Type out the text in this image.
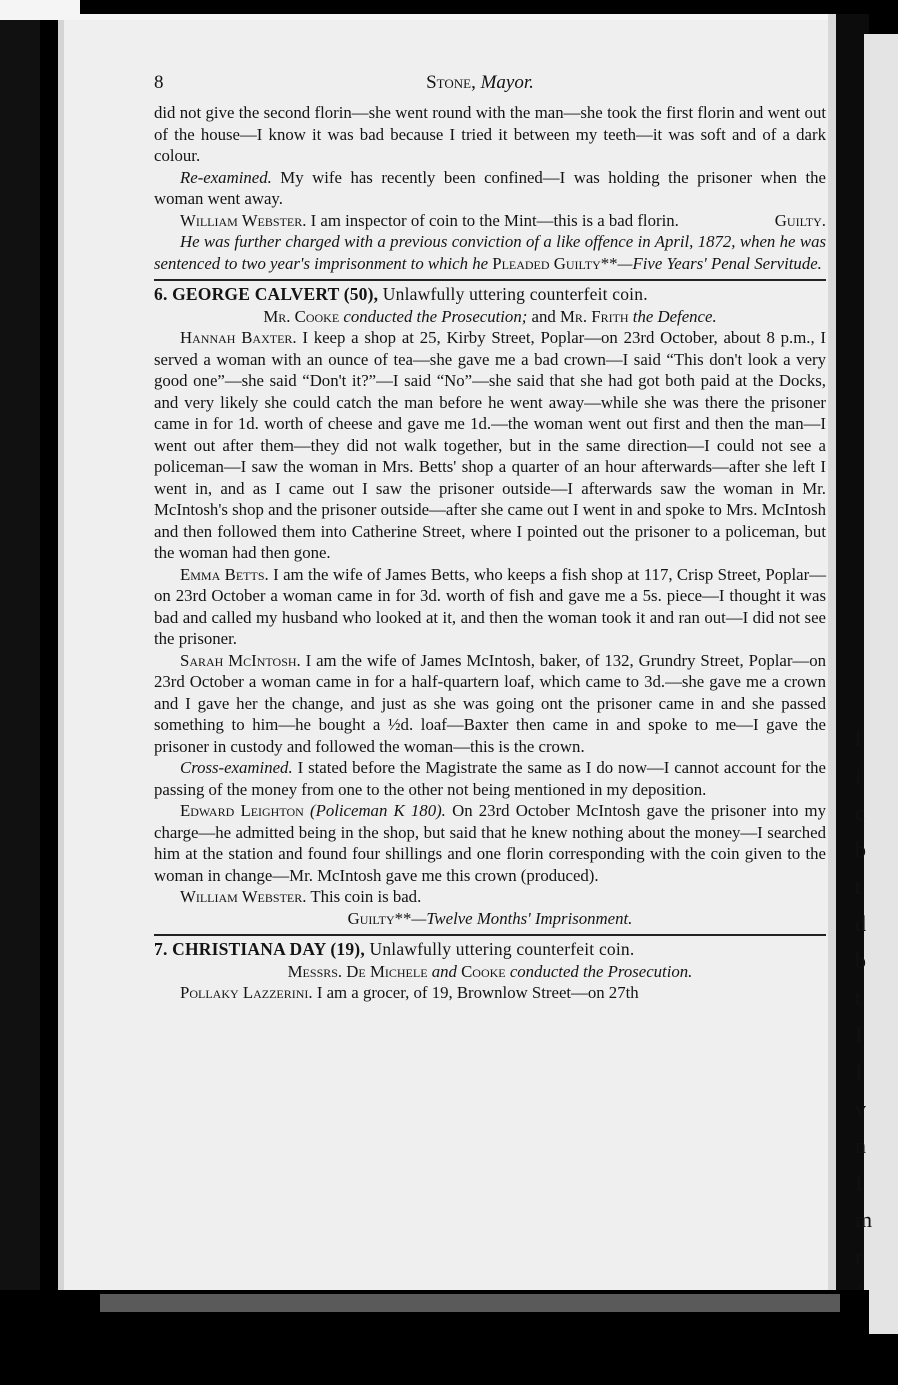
l
i
c
b
t
d
b
t
I
I
v
n
I
m
r
8	Stone, Mayor.

did not give the second florin—she went round with the man—she took the first florin and went out of the house—I know it was bad because I tried it between my teeth—it was soft and of a dark colour.

Re-examined. My wife has recently been confined—I was holding the prisoner when the woman went away.

William Webster. I am inspector of coin to the Mint—this is a bad florin.	Guilty.

He was further charged with a previous conviction of a like offence in April, 1872, when he was sentenced to two year's imprisonment to which he Pleaded Guilty**—Five Years' Penal Servitude.

6. GEORGE CALVERT (50), Unlawfully uttering counterfeit coin.

Mr. Cooke conducted the Prosecution; and Mr. Frith the Defence.

Hannah Baxter. I keep a shop at 25, Kirby Street, Poplar—on 23rd October, about 8 p.m., I served a woman with an ounce of tea—she gave me a bad crown—I said “This don't look a very good one”—she said “Don't it?”—I said “No”—she said that she had got both paid at the Docks, and very likely she could catch the man before he went away—while she was there the prisoner came in for 1d. worth of cheese and gave me 1d.—the woman went out first and then the man—I went out after them—they did not walk together, but in the same direction—I could not see a policeman—I saw the woman in Mrs. Betts' shop a quarter of an hour afterwards—after she left I went in, and as I came out I saw the prisoner outside—I afterwards saw the woman in Mr. McIntosh's shop and the prisoner outside—after she came out I went in and spoke to Mrs. McIntosh and then followed them into Catherine Street, where I pointed out the prisoner to a policeman, but the woman had then gone.

Emma Betts. I am the wife of James Betts, who keeps a fish shop at 117, Crisp Street, Poplar—on 23rd October a woman came in for 3d. worth of fish and gave me a 5s. piece—I thought it was bad and called my husband who looked at it, and then the woman took it and ran out—I did not see the prisoner.

Sarah McIntosh. I am the wife of James McIntosh, baker, of 132, Grundry Street, Poplar—on 23rd October a woman came in for a half-quartern loaf, which came to 3d.—she gave me a crown and I gave her the change, and just as she was going ont the prisoner came in and she passed something to him—he bought a ½d. loaf—Baxter then came in and spoke to me—I gave the prisoner in custody and followed the woman—this is the crown.

Cross-examined. I stated before the Magistrate the same as I do now—I cannot account for the passing of the money from one to the other not being mentioned in my deposition.

Edward Leighton (Policeman K 180). On 23rd October McIntosh gave the prisoner into my charge—he admitted being in the shop, but said that he knew nothing about the money—I searched him at the station and found four shillings and one florin corresponding with the coin given to the woman in change—Mr. McIntosh gave me this crown (produced).

William Webster. This coin is bad.

Guilty**—Twelve Months' Imprisonment.

7. CHRISTIANA DAY (19), Unlawfully uttering counterfeit coin.

Messrs. De Michele and Cooke conducted the Prosecution.

Pollaky Lazzerini. I am a grocer, of 19, Brownlow Street—on 27th
